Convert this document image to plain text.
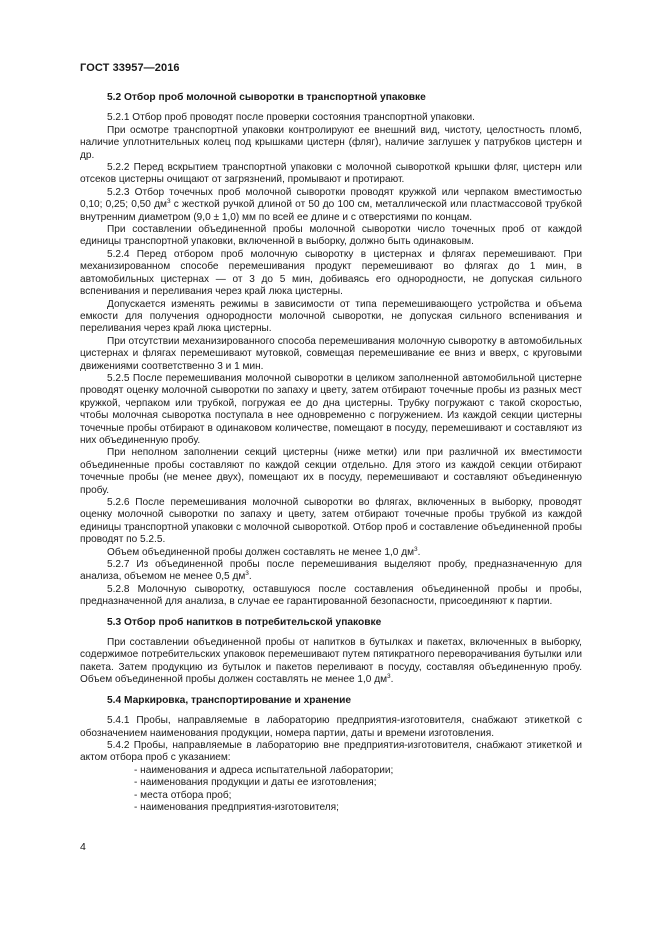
ГОСТ 33957—2016
5.2 Отбор проб молочной сыворотки в транспортной упаковке

5.2.1 Отбор проб проводят после проверки состояния транспортной упаковки.

При осмотре транспортной упаковки контролируют ее внешний вид, чистоту, целостность пломб, наличие уплотнительных колец под крышками цистерн (фляг), наличие заглушек у патрубков цистерн и др.

5.2.2 Перед вскрытием транспортной упаковки с молочной сывороткой крышки фляг, цистерн или отсеков цистерны очищают от загрязнений, промывают и протирают.

5.2.3 Отбор точечных проб молочной сыворотки проводят кружкой или черпаком вместимостью 0,10; 0,25; 0,50 $дм^3$ с жесткой ручкой длиной от 50 до 100 см, металлической или пластмассовой трубкой внутренним диаметром (9,0 ± 1,0) мм по всей ее длине и с отверстиями по концам.

При составлении объединенной пробы молочной сыворотки число точечных проб от каждой единицы транспортной упаковки, включенной в выборку, должно быть одинаковым.

5.2.4 Перед отбором проб молочную сыворотку в цистернах и флягах перемешивают. При механизированном способе перемешивания продукт перемешивают во флягах до 1 мин, в автомобильных цистернах — от 3 до 5 мин, добиваясь его однородности, не допуская сильного вспенивания и переливания через край люка цистерны.

Допускается изменять режимы в зависимости от типа перемешивающего устройства и объема емкости для получения однородности молочной сыворотки, не допуская сильного вспенивания и переливания через край люка цистерны.

При отсутствии механизированного способа перемешивания молочную сыворотку в автомобильных цистернах и флягах перемешивают мутовкой, совмещая перемешивание ее вниз и вверх, с круговыми движениями соответственно 3 и 1 мин.

5.2.5 После перемешивания молочной сыворотки в целиком заполненной автомобильной цистерне проводят оценку молочной сыворотки по запаху и цвету, затем отбирают точечные пробы из разных мест кружкой, черпаком или трубкой, погружая ее до дна цистерны. Трубку погружают с такой скоростью, чтобы молочная сыворотка поступала в нее одновременно с погружением. Из каждой секции цистерны точечные пробы отбирают в одинаковом количестве, помещают в посуду, перемешивают и составляют из них объединенную пробу.

При неполном заполнении секций цистерны (ниже метки) или при различной их вместимости объединенные пробы составляют по каждой секции отдельно. Для этого из каждой секции отбирают точечные пробы (не менее двух), помещают их в посуду, перемешивают и составляют объединенную пробу.

5.2.6 После перемешивания молочной сыворотки во флягах, включенных в выборку, проводят оценку молочной сыворотки по запаху и цвету, затем отбирают точечные пробы трубкой из каждой единицы транспортной упаковки с молочной сывороткой. Отбор проб и составление объединенной пробы проводят по 5.2.5.

Объем объединенной пробы должен составлять не менее 1,0 $дм^3$.

5.2.7 Из объединенной пробы после перемешивания выделяют пробу, предназначенную для анализа, объемом не менее 0,5 $дм^3$.

5.2.8 Молочную сыворотку, оставшуюся после составления объединенной пробы и пробы, предназначенной для анализа, в случае ее гарантированной безопасности, присоединяют к партии.

5.3 Отбор проб напитков в потребительской упаковке

При составлении объединенной пробы от напитков в бутылках и пакетах, включенных в выборку, содержимое потребительских упаковок перемешивают путем пятикратного переворачивания бутылки или пакета. Затем продукцию из бутылок и пакетов переливают в посуду, составляя объединенную пробу. Объем объединенной пробы должен составлять не менее 1,0 $дм^3$.

5.4 Маркировка, транспортирование и хранение

5.4.1 Пробы, направляемые в лабораторию предприятия-изготовителя, снабжают этикеткой с обозначением наименования продукции, номера партии, даты и времени изготовления.

5.4.2 Пробы, направляемые в лабораторию вне предприятия-изготовителя, снабжают этикеткой и актом отбора проб с указанием:

- наименования и адреса испытательной лаборатории;

- наименования продукции и даты ее изготовления;

- места отбора проб;

- наименования предприятия-изготовителя;

4
